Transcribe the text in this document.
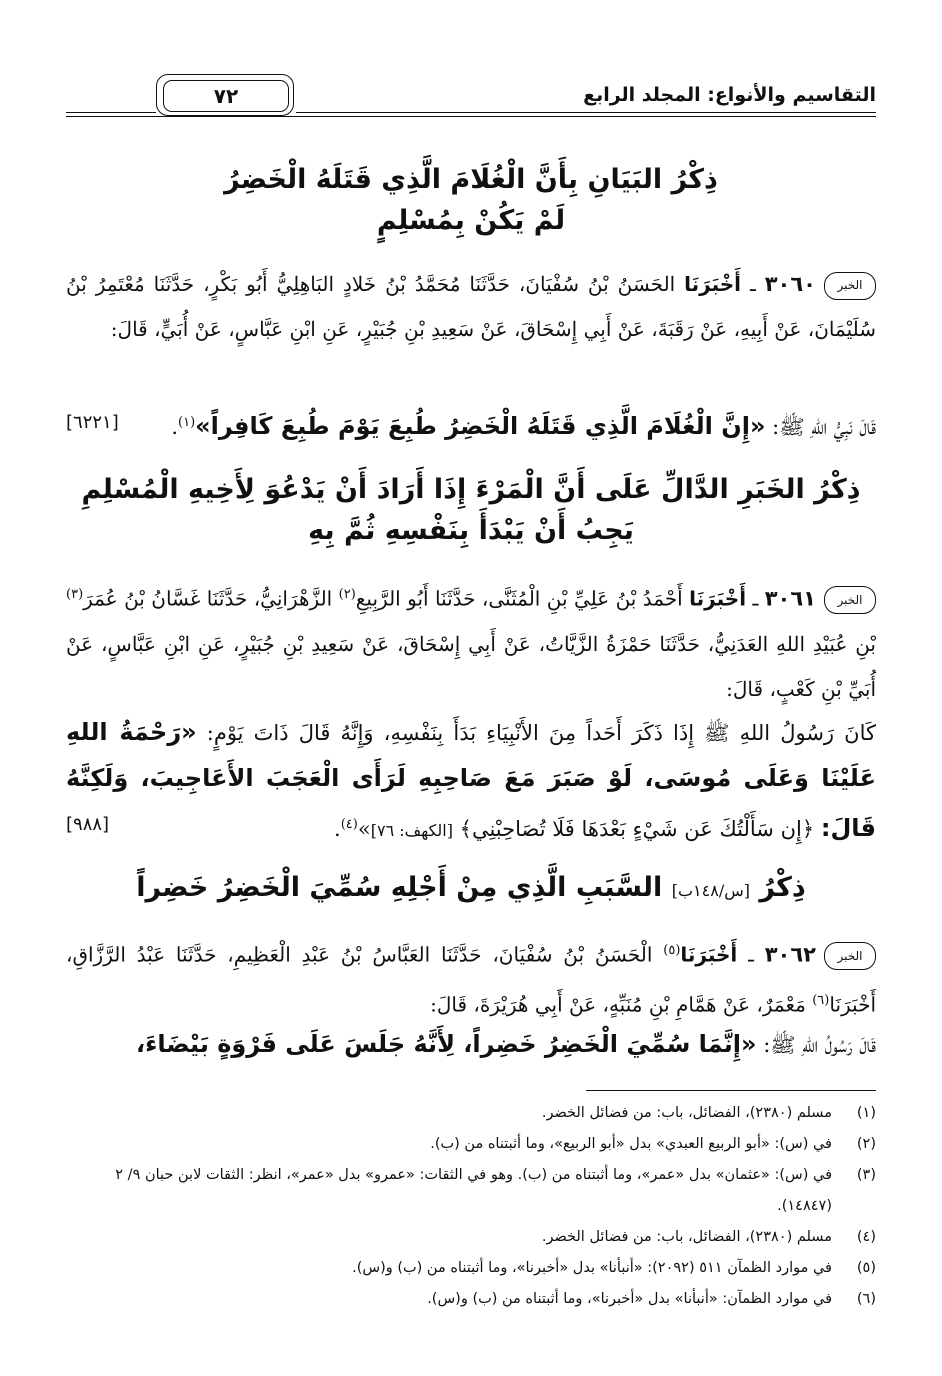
التقاسيم والأنواع: المجلد الرابع
٧٢
ذِكْرُ البَيَانِ بِأَنَّ الْغُلَامَ الَّذِي قَتَلَهُ الْخَضِرُ
لَمْ يَكُنْ بِمُسْلِمٍ
الخبر٣٠٦٠ ـ أَخْبَرَنَا الحَسَنُ بْنُ سُفْيَانَ، حَدَّثَنَا مُحَمَّدُ بْنُ خَلادٍ البَاهِلِيُّ أَبُو بَكْرٍ، حَدَّثَنَا مُعْتَمِرُ بْنُ سُلَيْمَانَ، عَنْ أَبِيهِ، عَنْ رَقَبَةَ، عَنْ أَبِي إِسْحَاقَ، عَنْ سَعِيدِ بْنِ جُبَيْرٍ، عَنِ ابْنِ عَبَّاسٍ، عَنْ أُبَيٍّ، قَالَ:
[٦٢٢١]	قَالَ نَبِيُّ اللهِ ﷺ: «إِنَّ الْغُلَامَ الَّذِي قَتَلَهُ الْخَضِرُ طُبِعَ يَوْمَ طُبِعَ كَافِراً»$^{(١)}$.
ذِكْرُ الخَبَرِ الدَّالِّ عَلَى أَنَّ الْمَرْءَ إِذَا أَرَادَ أَنْ يَدْعُوَ لِأَخِيهِ الْمُسْلِمِ
يَجِبُ أَنْ يَبْدَأَ بِنَفْسِهِ ثُمَّ بِهِ
الخبر٣٠٦١ ـ أَخْبَرَنَا أَحْمَدُ بْنُ عَلِيِّ بْنِ الْمُثَنَّى، حَدَّثَنَا أَبُو الرَّبِيعِ$^{(٢)}$ الزَّهْرَانِيُّ، حَدَّثَنَا غَسَّانُ بْنُ عُمَرَ$^{(٣)}$ بْنِ عُبَيْدِ اللهِ العَدَنِيُّ، حَدَّثَنَا حَمْزَةُ الزَّيَّاتُ، عَنْ أَبِي إِسْحَاقَ، عَنْ سَعِيدِ بْنِ جُبَيْرٍ، عَنِ ابْنِ عَبَّاسٍ، عَنْ أُبَيِّ بْنِ كَعْبٍ، قَالَ:
كَانَ رَسُولُ اللهِ ﷺ إِذَا ذَكَرَ أَحَداً مِنَ الأَنْبِيَاءِ بَدَأَ بِنَفْسِهِ، وَإِنَّهُ قَالَ ذَاتَ يَوْمٍ: «رَحْمَةُ اللهِ عَلَيْنَا وَعَلَى مُوسَى، لَوْ صَبَرَ مَعَ صَاحِبِهِ لَرَأَى الْعَجَبَ الأَعَاجِيبَ، وَلَكِنَّهُ قَالَ: ﴿إِن سَأَلْتُكَ عَن شَيْءٍ بَعْدَهَا فَلَا تُصَاحِبْنِي﴾ [الكهف: ٧٦]»$^{(٤)}$.
[٩٨٨]
ذِكْرُ [س/١٤٨ب] السَّبَبِ الَّذِي مِنْ أَجْلِهِ سُمِّيَ الْخَضِرُ خَضِراً
الخبر٣٠٦٢ ـ أَخْبَرَنَا$^{(٥)}$ الْحَسَنُ بْنُ سُفْيَانَ، حَدَّثَنَا العَبَّاسُ بْنُ عَبْدِ الْعَظِيمِ، حَدَّثَنَا عَبْدُ الرَّزَّاقِ، أَخْبَرَنَا$^{(٦)}$ مَعْمَرٌ، عَنْ هَمَّامِ بْنِ مُنَبِّهٍ، عَنْ أَبِي هُرَيْرَةَ، قَالَ:
قَالَ رَسُولُ اللهِ ﷺ: «إِنَّمَا سُمِّيَ الْخَضِرُ خَضِراً، لِأَنَّهُ جَلَسَ عَلَى فَرْوَةٍ بَيْضَاءَ،
(١)
مسلم (٢٣٨٠)، الفضائل، باب: من فضائل الخضر.
(٢)
في (س): «أبو الربيع العبدي» بدل «أبو الربيع»، وما أثبتناه من (ب).
(٣)
في (س): «عثمان» بدل «عمر»، وما أثبتناه من (ب). وهو في الثقات: «عمرو» بدل «عمر»، انظر: الثقات لابن حبان ٩/ ٢ (١٤٨٤٧).
(٤)
مسلم (٢٣٨٠)، الفضائل، باب: من فضائل الخضر.
(٥)
في موارد الظمآن ٥١١ (٢٠٩٢): «أنبأنا» بدل «أخبرنا»، وما أثبتناه من (ب) و(س).
(٦)
في موارد الظمآن: «أنبأنا» بدل «أخبرنا»، وما أثبتناه من (ب) و(س).
